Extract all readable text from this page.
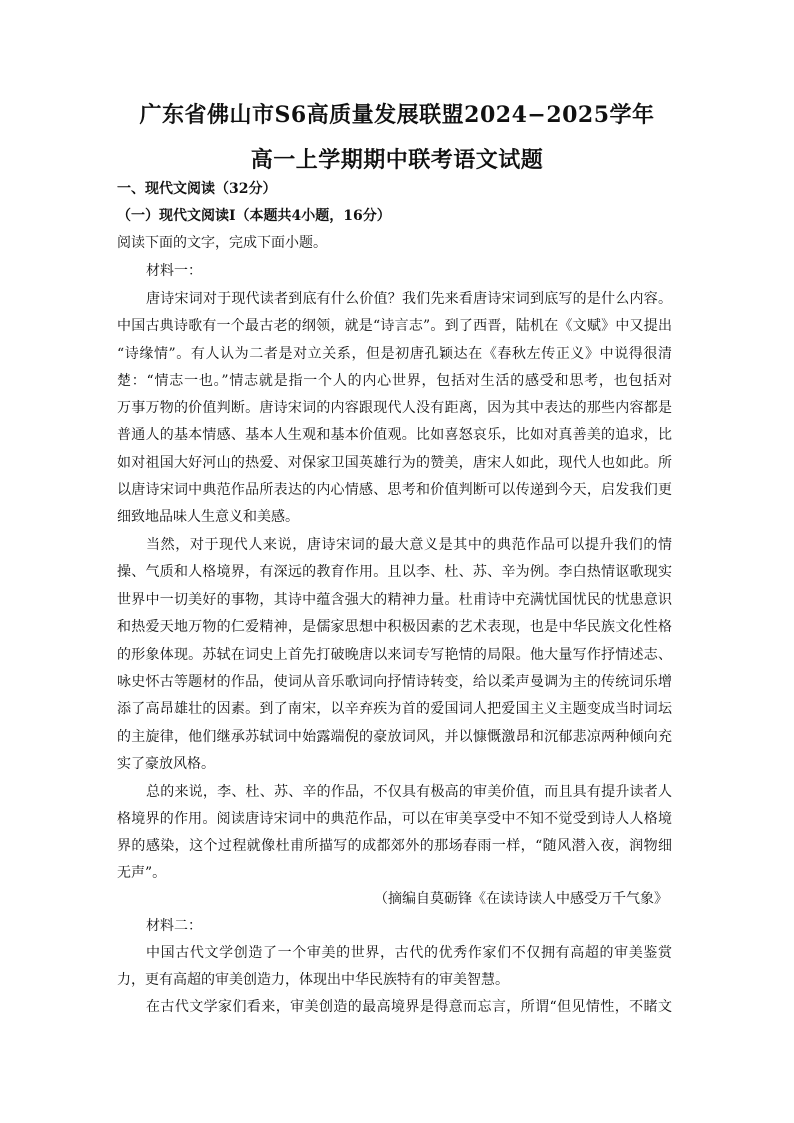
广东省佛山市S6高质量发展联盟2024−2025学年
高一上学期期中联考语文试题
一、现代文阅读（32分）
（一）现代文阅读I（本题共4小题，16分）
阅读下面的文字，完成下面小题。
材料一：
唐诗宋词对于现代读者到底有什么价值？我们先来看唐诗宋词到底写的是什么内容。
中国古典诗歌有一个最古老的纲领，就是“诗言志”。到了西晋，陆机在《文赋》中又提出
“诗缘情”。有人认为二者是对立关系，但是初唐孔颖达在《春秋左传正义》中说得很清
楚：“情志一也。”情志就是指一个人的内心世界，包括对生活的感受和思考，也包括对
万事万物的价值判断。唐诗宋词的内容跟现代人没有距离，因为其中表达的那些内容都是
普通人的基本情感、基本人生观和基本价值观。比如喜怒哀乐，比如对真善美的追求，比
如对祖国大好河山的热爱、对保家卫国英雄行为的赞美，唐宋人如此，现代人也如此。所
以唐诗宋词中典范作品所表达的内心情感、思考和价值判断可以传递到今天，启发我们更
细致地品味人生意义和美感。
当然，对于现代人来说，唐诗宋词的最大意义是其中的典范作品可以提升我们的情
操、气质和人格境界，有深远的教育作用。且以李、杜、苏、辛为例。李白热情讴歌现实
世界中一切美好的事物，其诗中蕴含强大的精神力量。杜甫诗中充满忧国忧民的忧患意识
和热爱天地万物的仁爱精神，是儒家思想中积极因素的艺术表现，也是中华民族文化性格
的形象体现。苏轼在词史上首先打破晚唐以来词专写艳情的局限。他大量写作抒情述志、
咏史怀古等题材的作品，使词从音乐歌词向抒情诗转变，给以柔声曼调为主的传统词乐增
添了高昂雄壮的因素。到了南宋，以辛弃疾为首的爱国词人把爱国主义主题变成当时词坛
的主旋律，他们继承苏轼词中始露端倪的豪放词风，并以慷慨激昂和沉郁悲凉两种倾向充
实了豪放风格。
总的来说，李、杜、苏、辛的作品，不仅具有极高的审美价值，而且具有提升读者人
格境界的作用。阅读唐诗宋词中的典范作品，可以在审美享受中不知不觉受到诗人人格境
界的感染，这个过程就像杜甫所描写的成都郊外的那场春雨一样，“随风潜入夜，润物细
无声”。
（摘编自莫砺锋《在读诗读人中感受万千气象》
材料二：
中国古代文学创造了一个审美的世界，古代的优秀作家们不仅拥有高超的审美鉴赏
力，更有高超的审美创造力，体现出中华民族特有的审美智慧。
在古代文学家们看来，审美创造的最高境界是得意而忘言，所谓“但见情性，不睹文
